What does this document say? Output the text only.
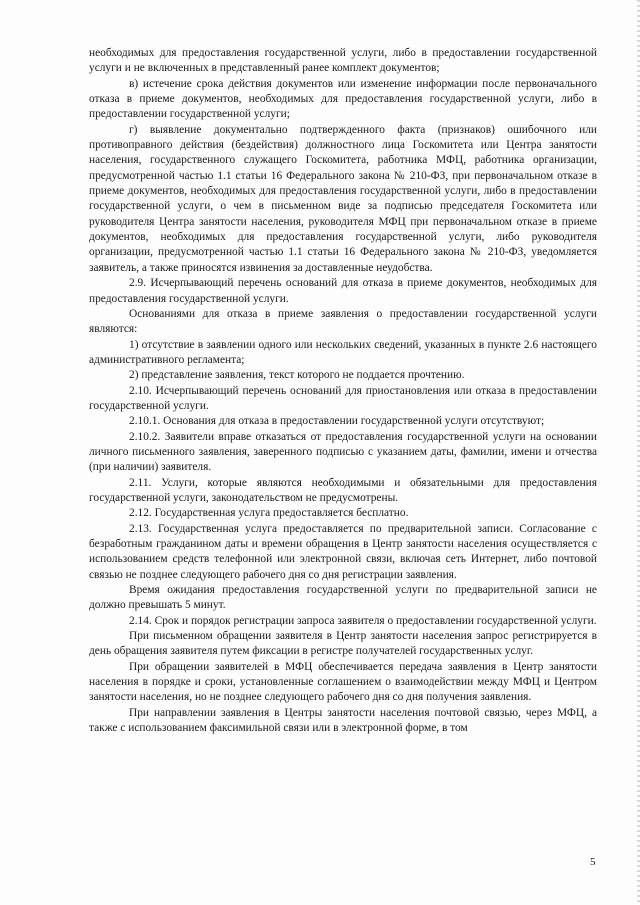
необходимых для предоставления государственной услуги, либо в предоставлении государственной услуги и не включенных в представленный ранее комплект документов;

в) истечение срока действия документов или изменение информации после первоначального отказа в приеме документов, необходимых для предоставления государственной услуги, либо в предоставлении государственной услуги;

г) выявление документально подтвержденного факта (признаков) ошибочного или противоправного действия (бездействия) должностного лица Госкомитета или Центра занятости населения, государственного служащего Госкомитета, работника МФЦ, работника организации, предусмотренной частью 1.1 статьи 16 Федерального закона № 210-ФЗ, при первоначальном отказе в приеме документов, необходимых для предоставления государственной услуги, либо в предоставлении государственной услуги, о чем в письменном виде за подписью председателя Госкомитета или руководителя Центра занятости населения, руководителя МФЦ при первоначальном отказе в приеме документов, необходимых для предоставления государственной услуги, либо руководителя организации, предусмотренной частью 1.1 статьи 16 Федерального закона № 210-ФЗ, уведомляется заявитель, а также приносятся извинения за доставленные неудобства.

2.9. Исчерпывающий перечень оснований для отказа в приеме документов, необходимых для предоставления государственной услуги.

Основаниями для отказа в приеме заявления о предоставлении государственной услуги являются:

1) отсутствие в заявлении одного или нескольких сведений, указанных в пункте 2.6 настоящего административного регламента;

2) представление заявления, текст которого не поддается прочтению.

2.10. Исчерпывающий перечень оснований для приостановления или отказа в предоставлении государственной услуги.

2.10.1. Основания для отказа в предоставлении государственной услуги отсутствуют;

2.10.2. Заявители вправе отказаться от предоставления государственной услуги на основании личного письменного заявления, заверенного подписью с указанием даты, фамилии, имени и отчества (при наличии) заявителя.

2.11. Услуги, которые являются необходимыми и обязательными для предоставления государственной услуги, законодательством не предусмотрены.

2.12. Государственная услуга предоставляется бесплатно.

2.13. Государственная услуга предоставляется по предварительной записи. Согласование с безработным гражданином даты и времени обращения в Центр занятости населения осуществляется с использованием средств телефонной или электронной связи, включая сеть Интернет, либо почтовой связью не позднее следующего рабочего дня со дня регистрации заявления.

Время ожидания предоставления государственной услуги по предварительной записи не должно превышать 5 минут.

2.14. Срок и порядок регистрации запроса заявителя о предоставлении государственной услуги.

При письменном обращении заявителя в Центр занятости населения запрос регистрируется в день обращения заявителя путем фиксации в регистре получателей государственных услуг.

При обращении заявителей в МФЦ обеспечивается передача заявления в Центр занятости населения в порядке и сроки, установленные соглашением о взаимодействии между МФЦ и Центром занятости населения, но не позднее следующего рабочего дня со дня получения заявления.

При направлении заявления в Центры занятости населения почтовой связью, через МФЦ, а также с использованием факсимильной связи или в электронной форме, в том

5
